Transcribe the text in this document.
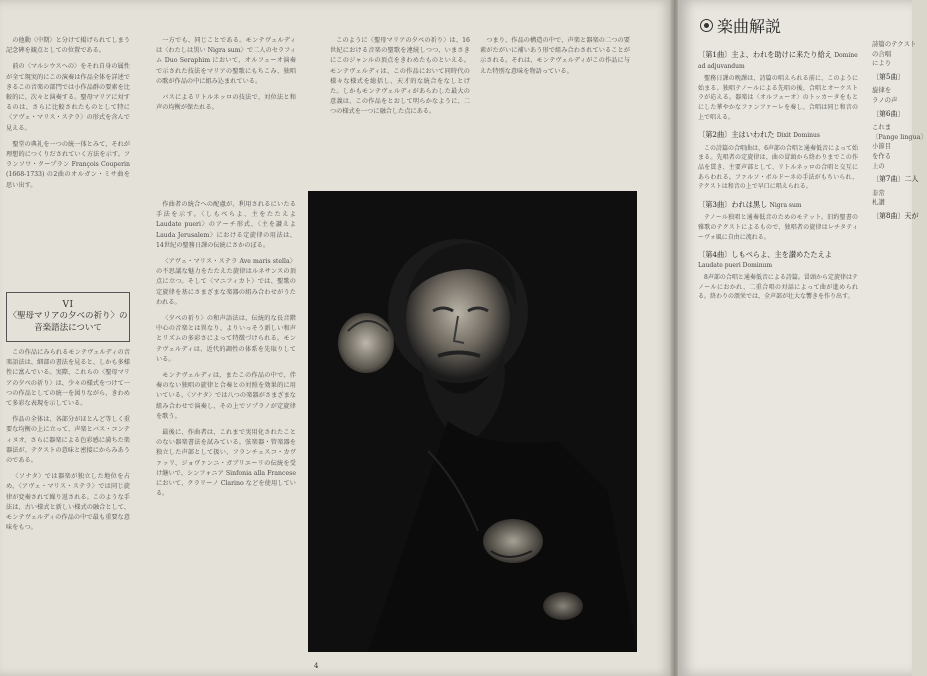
の他動〈中期〉と分けて掲げられてしまう記念碑を観点としての位置である。

前の〈マルシウスへの〉をそれ自身の属性が全て現実的にこの演奏は作品全体を詳述できるこの音楽の部門では小作品群の要素を比較的に、次々と演奏する。聖母マリアに対するのは、さらに比較されたものとして特に〈アヴェ・マリス・ステラ〉の形式を含んで見える。

聖堂の典礼を一つの統一体とみて、それが理想的につくりだされていく方法を示す。フランソワ・クープラン François Couperin (1668-1733) の2曲のオルガン・ミサ曲を思い出す。

VI
〈聖母マリアの夕べの祈り〉の音楽語法について

この作品にみられるモンテヴェルディの音楽語法は、細部の書法を見ると、しかも多様性に富んでいる。実際、これらの〈聖母マリアの夕べの祈り〉は、少々の様式をつけて一つの作品としての統一を図りながら、きわめて多彩な表現を示している。

作品の全体は、各部分がほとんど等しく重要な均衡の上に立って、声楽とバス・コンティヌオ、さらに器楽による色彩感に満ちた楽器法が、テクストの意味と密接にからみあうのである。

〈ソナタ〉では器楽が独立した地位を占め、〈アヴェ・マリス・ステラ〉では同じ旋律が変奏されて繰り返される。このような手法は、古い様式と新しい様式の融合として、モンテヴェルディの作品の中で最も重要な意味をもつ。

一方でも、同じことである。モンテヴェルディは〈わたしは黒い Nigra sum〉で二人のセラフィム Duo Seraphim において、オルフェーオ演奏で示された技法をマリアの聖歌にもちこみ、独唱の歌が作品の中に組み込まれている。

バスによるリトルネッロの技法で、対位法と和声の均衡が保たれる。

作曲者の統合への配慮が、利用されるにいたる手法を示す。〈しもべらよ、主をたたえよ Laudate pueri〉のアーチ形式、〈主を讃えよ Lauda Jerusalem〉における定旋律の用法は、14世紀の聖務日課の伝統にさかのぼる。

〈アヴェ・マリス・ステラ Ave maris stella〉の不思議な魅力をたたえた旋律はルネサンスの頂点に立つ。そして〈マニフィカト〉では、聖歌の定旋律を基にさまざまな楽器の組み合わせがうたわれる。

〈夕べの祈り〉の和声語法は、伝統的な長音階中心の音楽とは異なり、よりいっそう新しい和声とリズムの多彩さによって特徴づけられる。モンテヴェルディは、近代的調性の体系を先取りしている。

モンテヴェルディは、またこの作品の中で、伴奏のない独唱の旋律と合奏との対照を効果的に用いている。〈ソナタ〉では八つの楽器がさまざまな組み合わせで演奏し、その上でソプラノが定旋律を歌う。

最後に、作曲者は、これまで実用化されたことのない器楽書法を試みている。弦楽器・管楽器を独立した声部として扱い、フランチェスコ・カヴァッリ、ジョヴァンニ・ガブリエーリの伝統を受け継いで、シンフォニア Sinfonia alla Francese において、クラリーノ Clarino などを使用している。

このように〈聖母マリアの夕べの祈り〉は、16世紀における音楽の聖歌を連続しつつ、いまさきにこのジャンルの頂点をきわめたものといえる。モンテヴェルディは、この作品において同時代の様々な様式を総括し、天才的な統合をなしとげた。しかもモンテヴェルディがあらわした最大の意義は、この作品をとおして明らかなように、二つの様式を一つに融合した点にある。

つまり、作品の構造の中で、声楽と器楽の二つの要素がたがいに補いあう形で組み合わされていることが示される。それは、モンテヴェルディがこの作品に与えた特別な意味を物語っている。

4
楽曲解説
〔第1曲〕主よ、われを助けに来たり給え Domine ad adjuvandum
聖務日課の晩課は、詩篇の唱えられる前に、このように始まる。独唱テノールによる先唱の後、合唱とオーケストラが応える。器楽は〈オルフェーオ〉のトッカータをもとにした華やかなファンファーレを奏し、合唱は同じ和音の上で唱える。
〔第2曲〕主はいわれた Dixit Dominus
この詩篇の合唱曲は、6声部の合唱と通奏低音によって始まる。先唱者の定旋律は、曲の冒頭から終わりまでこの作品を貫き、主要声部として、リトルネッロの合唱と交互にあらわれる。ファルソ・ボルドーネの手法がもちいられ、テクストは和音の上で早口に唱えられる。
〔第3曲〕われは黒し Nigra sum
テノール独唱と通奏低音のためのモテット。旧約聖書の雅歌のテクストによるもので、独唱者の旋律はレチタティーヴォ風に自由に流れる。
〔第4曲〕しもべらよ、主を讃めたたえよ Laudate pueri Dominum
8声部の合唱と通奏低音による詩篇。冒頭から定旋律はテノールにおかれ、二重合唱の対話によって曲が進められる。終わりの頌栄では、全声部が壮大な響きを作り出す。
詩篇のテクスト
の合唱
により
〔第5曲〕
旋律を
ラノの声
〔第6曲〕
これま
〔Pange lingua〕
小節目
を作る
上の
〔第7曲〕二人
非常
札讃
〔第8曲〕天が
